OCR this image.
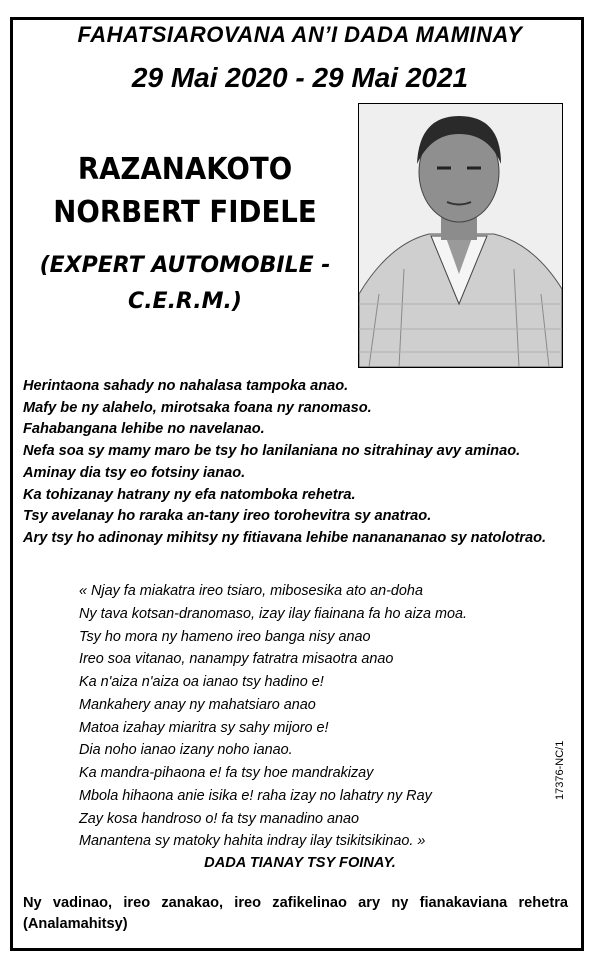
FAHATSIAROVANA AN’I DADA MAMINAY
29 Mai 2020 - 29 Mai 2021
RAZANAKOTO
NORBERT FIDELE
(EXPERT AUTOMOBILE -
C.E.R.M.)
Herintaona sahady no nahalasa tampoka anao.
Mafy be ny alahelo, mirotsaka foana ny ranomaso.
Fahabangana lehibe no navelanao.
Nefa soa sy mamy maro be tsy ho lanilaniana no sitrahinay avy aminao.
Aminay dia tsy eo fotsiny ianao.
Ka tohizanay hatrany ny efa natomboka rehetra.
Tsy avelanay ho raraka an-tany ireo torohevitra sy anatrao.
Ary tsy ho adinonay mihitsy ny fitiavana lehibe nananananao sy natolotrao.
« Njay fa miakatra ireo tsiaro, mibosesika ato an-doha
Ny tava kotsan-dranomaso, izay ilay fiainana fa ho aiza moa.
Tsy ho mora ny hameno ireo banga nisy anao
Ireo soa vitanao, nanampy fatratra misaotra anao
Ka n'aiza n'aiza oa ianao tsy hadino e!
Mankahery anay ny mahatsiaro anao
Matoa izahay miaritra sy sahy mijoro e!
Dia noho ianao izany noho ianao.
Ka mandra-pihaona e! fa tsy hoe mandrakizay
Mbola hihaona anie isika e! raha izay no lahatry ny Ray
Zay kosa handroso o! fa tsy manadino anao
Manantena sy matoky hahita indray ilay tsikitsikinao. »
17376-NC/1
DADA TIANAY TSY FOINAY.
Ny vadinao, ireo zanakao, ireo zafikelinao ary ny fianakaviana rehetra (Analamahitsy)
